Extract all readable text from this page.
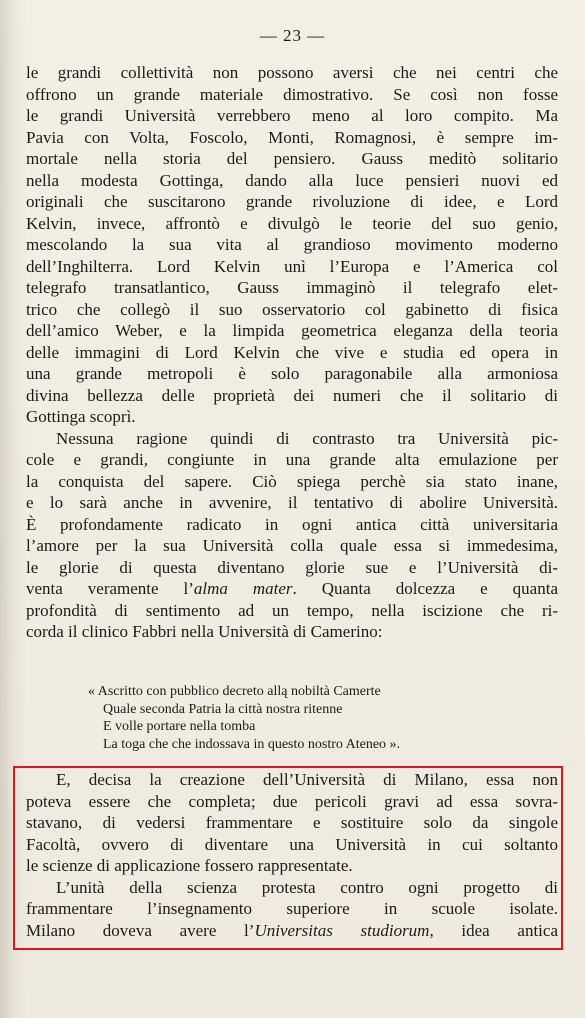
— 23 —
le grandi collettività non possono aversi che nei centri che
offrono un grande materiale dimostrativo. Se così non fosse
le grandi Università verrebbero meno al loro compito. Ma
Pavia con Volta, Foscolo, Monti, Romagnosi, è sempre im-
mortale nella storia del pensiero. Gauss meditò solitario
nella modesta Gottinga, dando alla luce pensieri nuovi ed
originali che suscitarono grande rivoluzione di idee, e Lord
Kelvin, invece, affrontò e divulgò le teorie del suo genio,
mescolando la sua vita al grandioso movimento moderno
dell’Inghilterra. Lord Kelvin unì l’Europa e l’America col
telegrafo transatlantico, Gauss immaginò il telegrafo elet-
trico che collegò il suo osservatorio col gabinetto di fisica
dell’amico Weber, e la limpida geometrica eleganza della teoria
delle immagini di Lord Kelvin che vive e studia ed opera in
una grande metropoli è solo paragonabile alla armoniosa
divina bellezza delle proprietà dei numeri che il solitario di
Gottinga scoprì.
Nessuna ragione quindi di contrasto tra Università pic-
cole e grandi, congiunte in una grande alta emulazione per
la conquista del sapere. Ciò spiega perchè sia stato inane,
e lo sarà anche in avvenire, il tentativo di abolire Università.
È profondamente radicato in ogni antica città universitaria
l’amore per la sua Università colla quale essa si immedesima,
le glorie di questa diventano glorie sue e l’Università di-
venta veramente l’alma mater. Quanta dolcezza e quanta
profondità di sentimento ad un tempo, nella iscizione che ri-
corda il clinico Fabbri nella Università di Camerino:
« Ascritto con pubblico decreto allą nobiltà Camerte
Quale seconda Patria la città nostra ritenne
E volle portare nella tomba
La toga che che indossava in questo nostro Ateneo ».
E, decisa la creazione dell’Università di Milano, essa non
poteva essere che completa; due pericoli gravi ad essa sovra-
stavano, di vedersi frammentare e sostituire solo da singole
Facoltà, ovvero di diventare una Università in cui soltanto
le scienze di applicazione fossero rappresentate.
L’unità della scienza protesta contro ogni progetto di
frammentare l’insegnamento superiore in scuole isolate.
Milano doveva avere l’Universitas studiorum, idea antica
